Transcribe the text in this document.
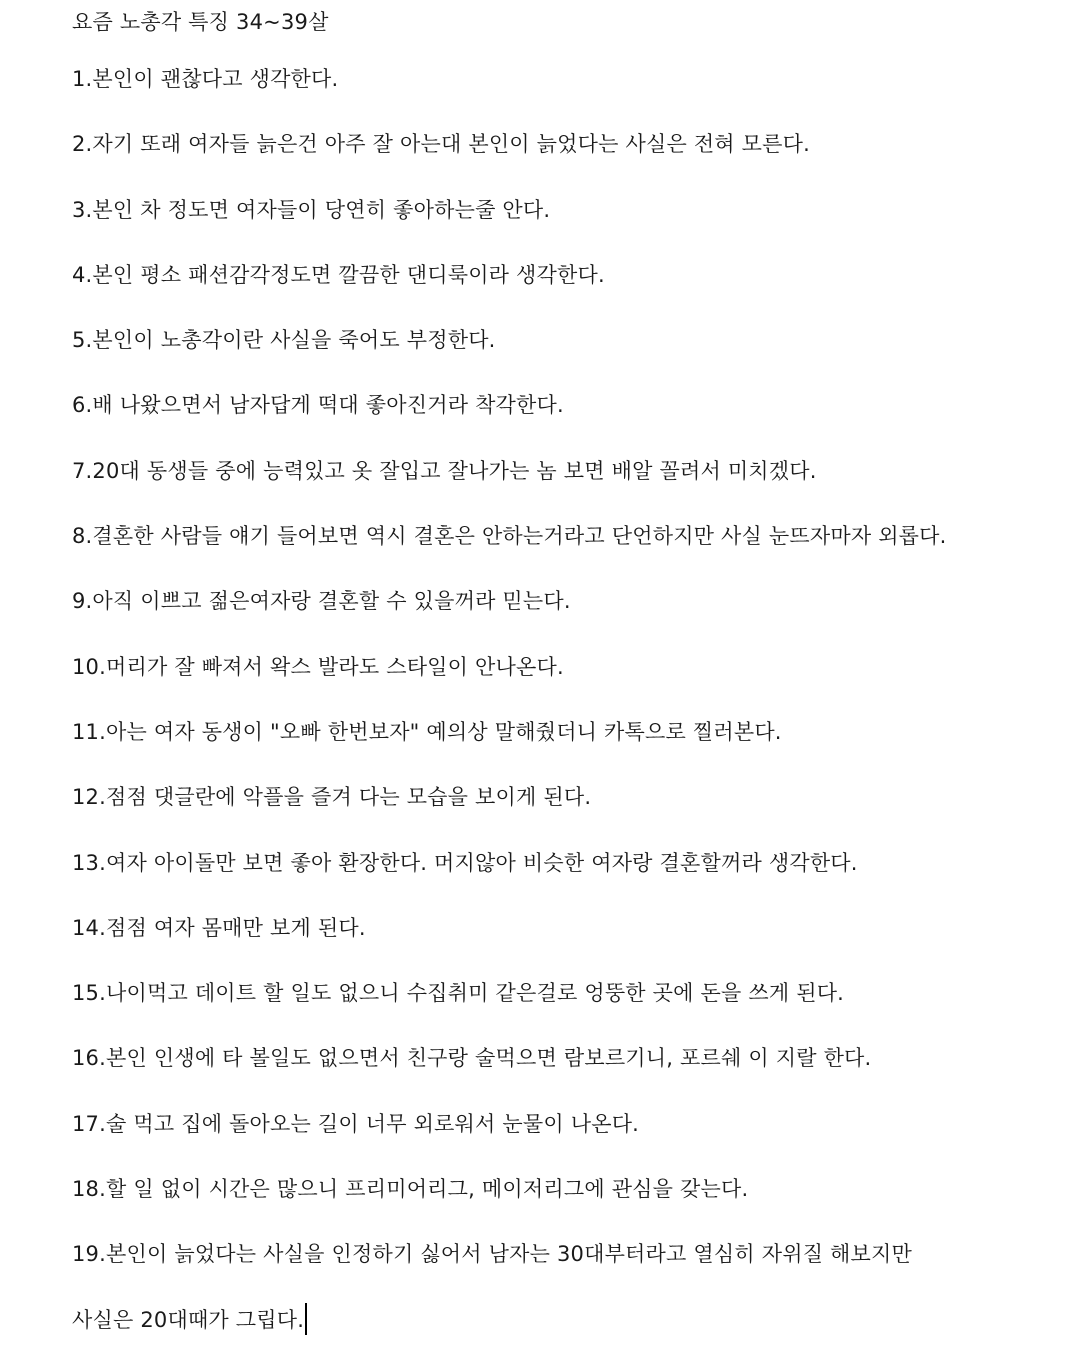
요즘 노총각 특징 34~39살
1.본인이 괜찮다고 생각한다.
2.자기 또래 여자들 늙은건 아주 잘 아는대 본인이 늙었다는 사실은 전혀 모른다.
3.본인 차 정도면 여자들이 당연히 좋아하는줄 안다.
4.본인 평소 패션감각정도면 깔끔한 댄디룩이라 생각한다.
5.본인이 노총각이란 사실을 죽어도 부정한다.
6.배 나왔으면서 남자답게 떡대 좋아진거라 착각한다.
7.20대 동생들 중에 능력있고 옷 잘입고 잘나가는 놈 보면 배알 꼴려서 미치겠다.
8.결혼한 사람들 얘기 들어보면 역시 결혼은 안하는거라고 단언하지만 사실 눈뜨자마자 외롭다.
9.아직 이쁘고 젊은여자랑 결혼할 수 있을꺼라 믿는다.
10.머리가 잘 빠져서 왁스 발라도 스타일이 안나온다.
11.아는 여자 동생이 "오빠 한번보자" 예의상 말해줬더니 카톡으로 찔러본다.
12.점점 댓글란에 악플을 즐겨 다는 모습을 보이게 된다.
13.여자 아이돌만 보면 좋아 환장한다. 머지않아 비슷한 여자랑 결혼할꺼라 생각한다.
14.점점 여자 몸매만 보게 된다.
15.나이먹고 데이트 할 일도 없으니 수집취미 같은걸로 엉뚱한 곳에 돈을 쓰게 된다.
16.본인 인생에 타 볼일도 없으면서 친구랑 술먹으면 람보르기니, 포르쉐 이 지랄 한다.
17.술 먹고 집에 돌아오는 길이 너무 외로워서 눈물이 나온다.
18.할 일 없이 시간은 많으니 프리미어리그, 메이저리그에 관심을 갖는다.
19.본인이 늙었다는 사실을 인정하기 싫어서 남자는 30대부터라고 열심히 자위질 해보지만
사실은 20대때가 그립다.
